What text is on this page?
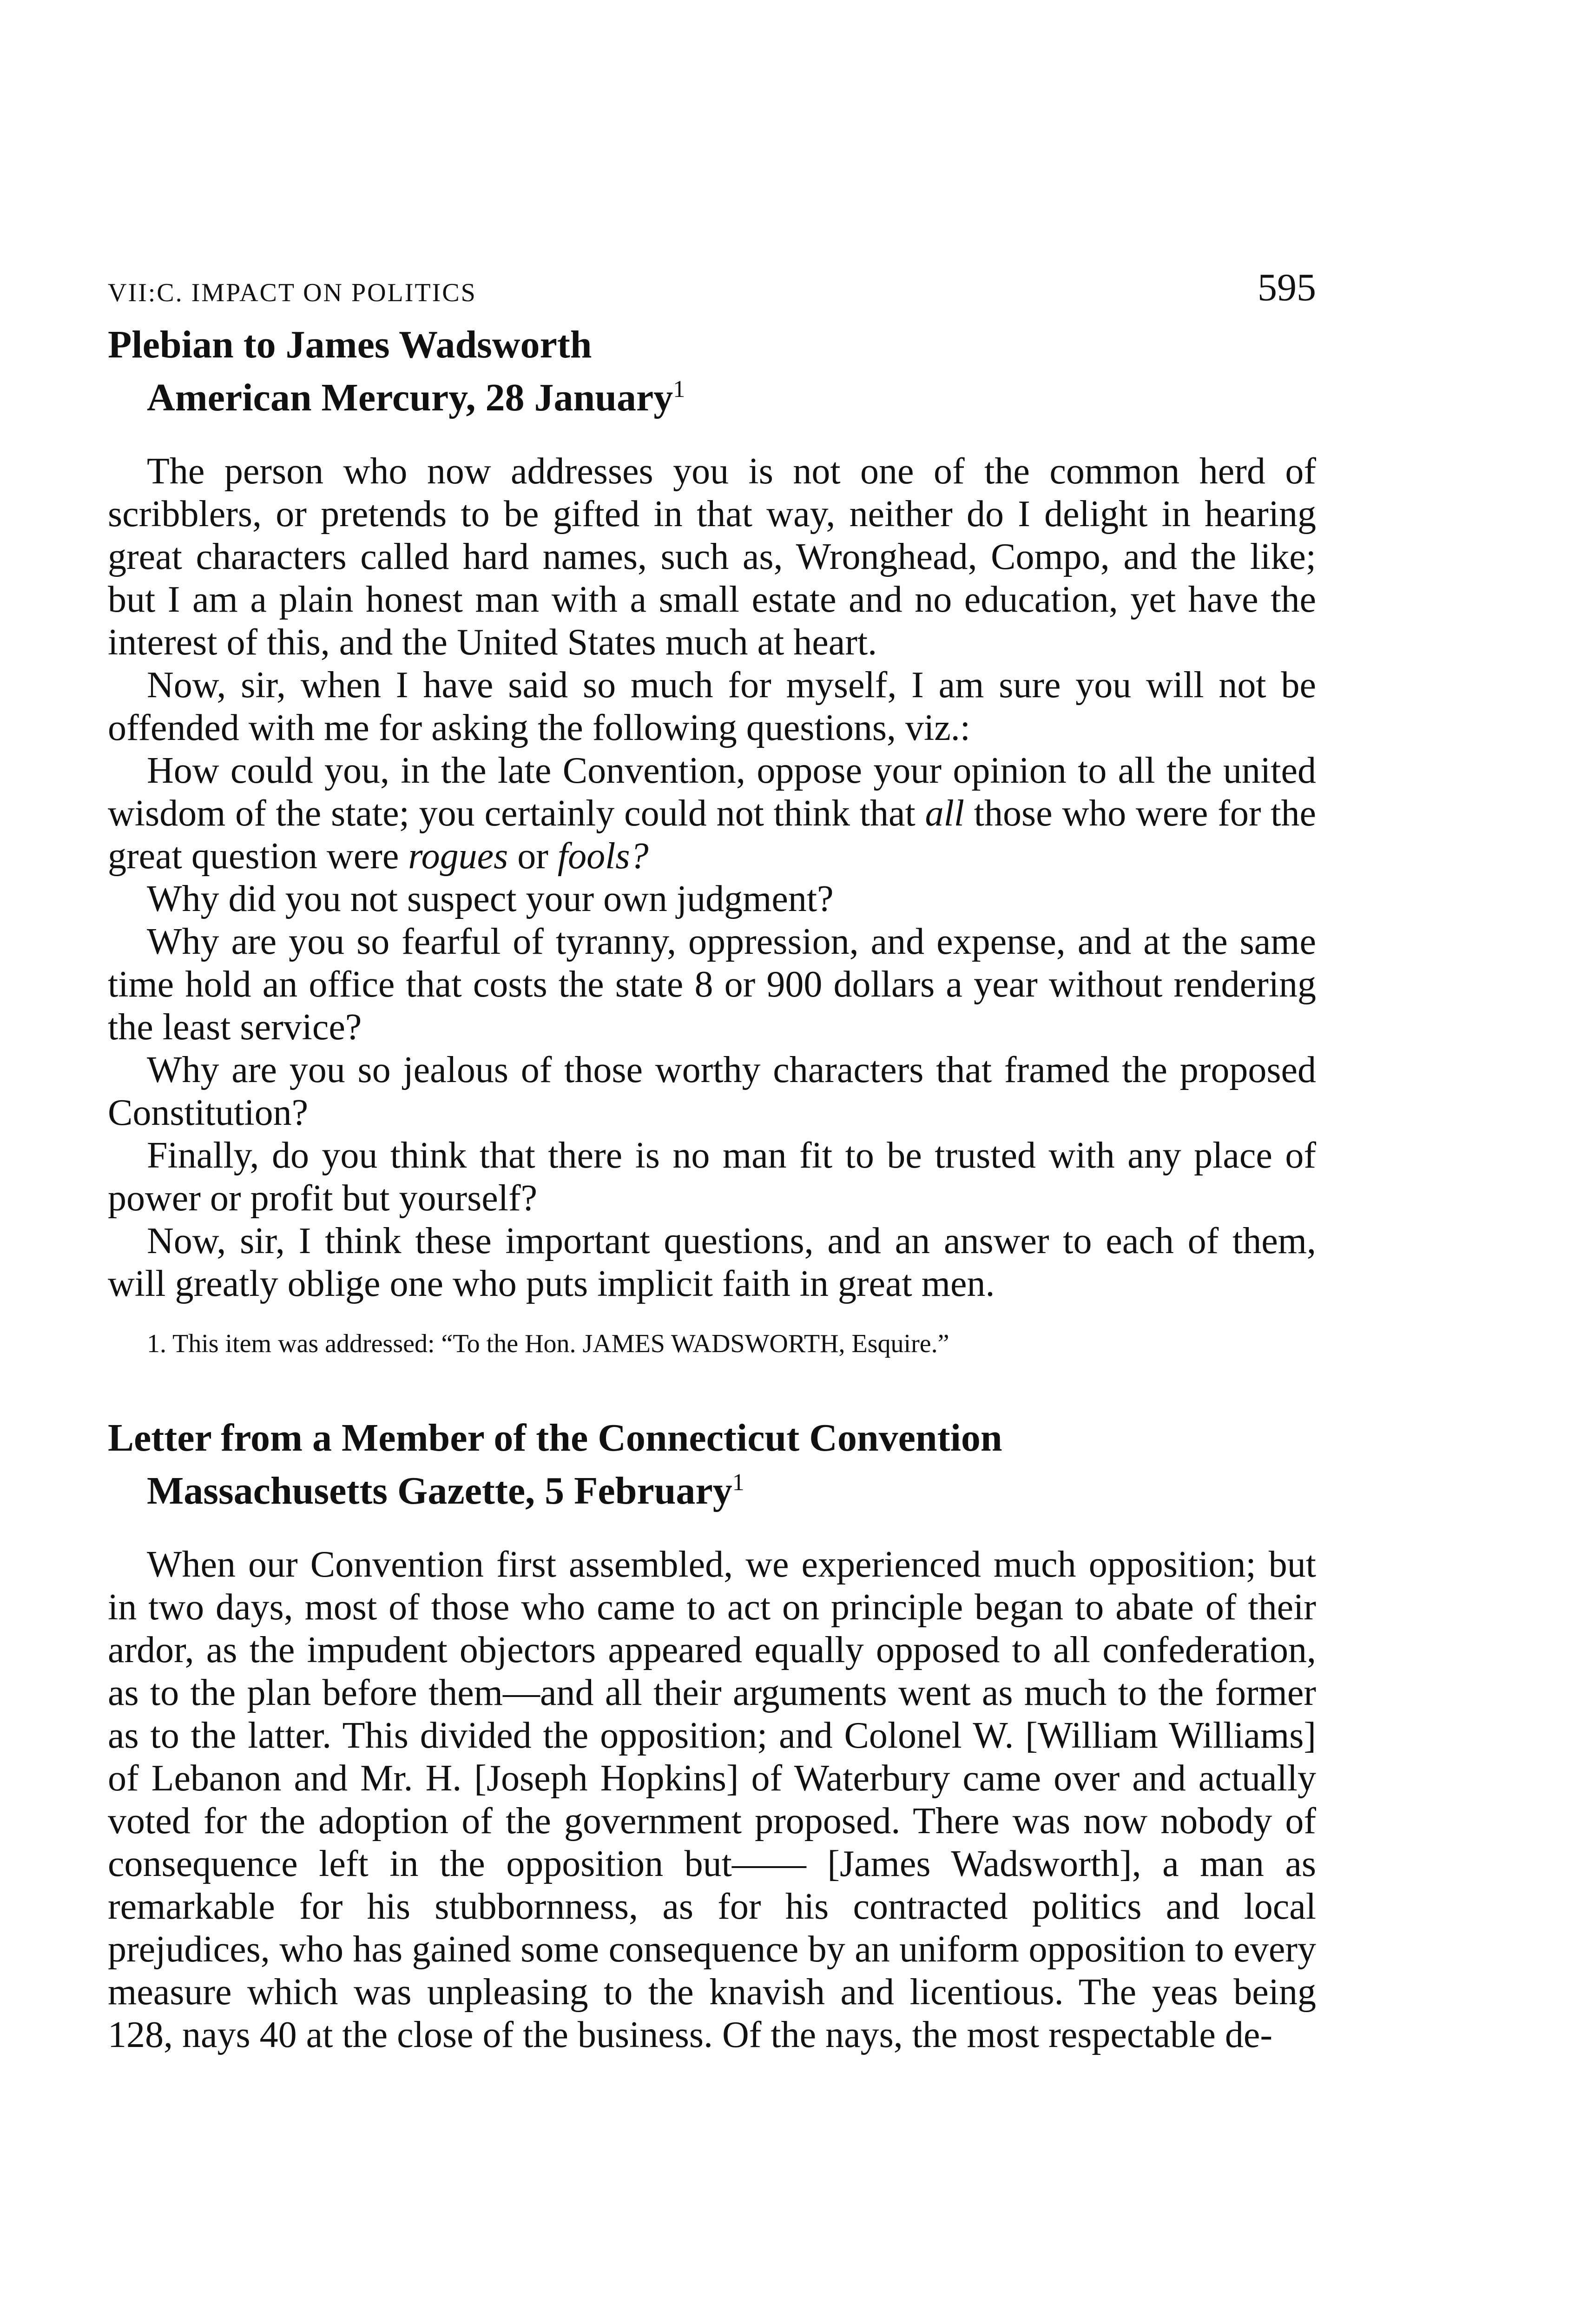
VII:C. IMPACT ON POLITICS	595
Plebian to James Wadsworth
American Mercury, 28 January$^1$

The person who now addresses you is not one of the common herd of scribblers, or pretends to be gifted in that way, neither do I delight in hearing great characters called hard names, such as, Wronghead, Compo, and the like; but I am a plain honest man with a small estate and no education, yet have the interest of this, and the United States much at heart.

Now, sir, when I have said so much for myself, I am sure you will not be offended with me for asking the following questions, viz.:

How could you, in the late Convention, oppose your opinion to all the united wisdom of the state; you certainly could not think that all those who were for the great question were rogues or fools?

Why did you not suspect your own judgment?

Why are you so fearful of tyranny, oppression, and expense, and at the same time hold an office that costs the state 8 or 900 dollars a year without rendering the least service?

Why are you so jealous of those worthy characters that framed the proposed Constitution?

Finally, do you think that there is no man fit to be trusted with any place of power or profit but yourself?

Now, sir, I think these important questions, and an answer to each of them, will greatly oblige one who puts implicit faith in great men.

1. This item was addressed: “To the Hon. JAMES WADSWORTH, Esquire.”
Letter from a Member of the Connecticut Convention
Massachusetts Gazette, 5 February$^1$

When our Convention first assembled, we experienced much opposition; but in two days, most of those who came to act on principle began to abate of their ardor, as the impudent objectors appeared equally opposed to all confederation, as to the plan before them—and all their arguments went as much to the former as to the latter. This divided the opposition; and Colonel W. [William Williams] of Lebanon and Mr. H. [Joseph Hopkins] of Waterbury came over and actually voted for the adoption of the government proposed. There was now nobody of consequence left in the opposition but—— [James Wadsworth], a man as remarkable for his stubbornness, as for his contracted politics and local prejudices, who has gained some consequence by an uniform opposition to every measure which was unpleasing to the knavish and licentious. The yeas being 128, nays 40 at the close of the business. Of the nays, the most respectable de-
